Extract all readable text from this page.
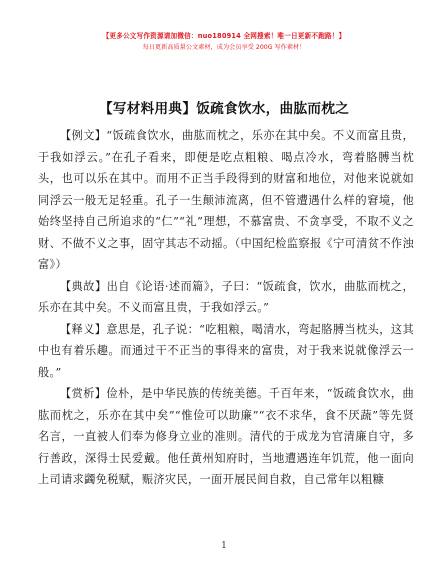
【更多公文写作资源请加微信：nuo180914 全网搜索！唯一日更新不跑路！】
每日更新高质量公文素材，成为会员享受 200G 写作素材！
【写材料用典】饭疏食饮水，曲肱而枕之

【例文】“饭疏食饮水，曲肱而枕之，乐亦在其中矣。不义而富且贵，于我如浮云。”在孔子看来，即便是吃点粗粮、喝点冷水，弯着胳膊当枕头，也可以乐在其中。而用不正当手段得到的财富和地位，对他来说就如同浮云一般无足轻重。孔子一生颠沛流离，但不管遭遇什么样的窘境，他始终坚持自己所追求的“仁”“礼”理想，不慕富贵、不贪享受，不取不义之财、不做不义之事，固守其志不动摇。（中国纪检监察报《宁可清贫不作浊富》）

【典故】出自《论语·述而篇》，子曰：“饭疏食，饮水，曲肱而枕之，乐亦在其中矣。不义而富且贵，于我如浮云。”

【释义】意思是，孔子说：“吃粗粮，喝清水，弯起胳膊当枕头，这其中也有着乐趣。而通过干不正当的事得来的富贵，对于我来说就像浮云一般。”

【赏析】俭朴，是中华民族的传统美德。千百年来，“饭疏食饮水，曲肱而枕之，乐亦在其中矣”“惟俭可以助廉”“衣不求华，食不厌蔬”等先贤名言，一直被人们奉为修身立业的准则。清代的于成龙为官清廉自守，多行善政，深得士民爱戴。他任黄州知府时，当地遭遇连年饥荒，他一面向上司请求蠲免税赋，赈济灾民，一面开展民间自救，自己常年以粗糠

1
